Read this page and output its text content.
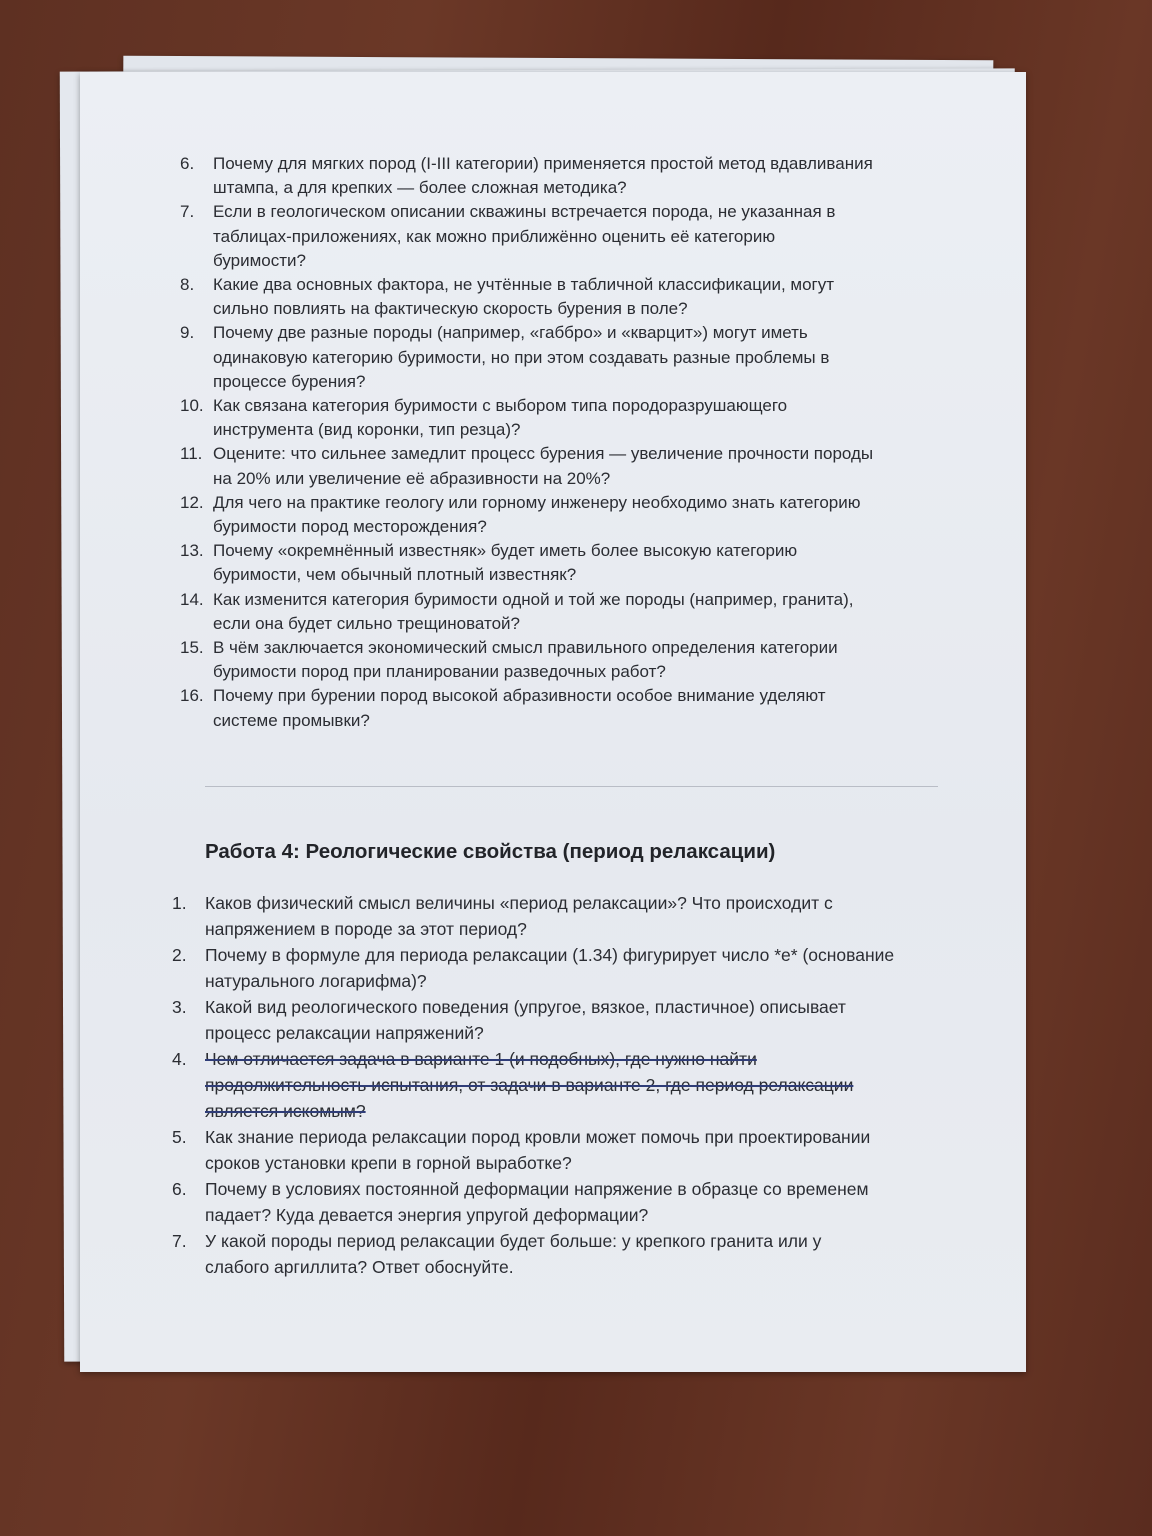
6.	Почему для мягких пород (I-III категории) применяется простой метод вдавливания
штампа, а для крепких — более сложная методика?
7.	Если в геологическом описании скважины встречается порода, не указанная в
таблицах-приложениях, как можно приближённо оценить её категорию
буримости?
8.	Какие два основных фактора, не учтённые в табличной классификации, могут
сильно повлиять на фактическую скорость бурения в поле?
9.	Почему две разные породы (например, «габбро» и «кварцит») могут иметь
одинаковую категорию буримости, но при этом создавать разные проблемы в
процессе бурения?
10. Как связана категория буримости с выбором типа породоразрушающего
инструмента (вид коронки, тип резца)?
11. Оцените: что сильнее замедлит процесс бурения — увеличение прочности породы
на 20% или увеличение её абразивности на 20%?
12. Для чего на практике геологу или горному инженеру необходимо знать категорию
буримости пород месторождения?
13. Почему «окремнённый известняк» будет иметь более высокую категорию
буримости, чем обычный плотный известняк?
14. Как изменится категория буримости одной и той же породы (например, гранита),
если она будет сильно трещиноватой?
15. В чём заключается экономический смысл правильного определения категории
буримости пород при планировании разведочных работ?
16. Почему при бурении пород высокой абразивности особое внимание уделяют
системе промывки?
Работа 4: Реологические свойства (период релаксации)
1.	Каков физический смысл величины «период релаксации»? Что происходит с
напряжением в породе за этот период?
2.	Почему в формуле для периода релаксации (1.34) фигурирует число *e* (основание
натурального логарифма)?
3.	Какой вид реологического поведения (упругое, вязкое, пластичное) описывает
процесс релаксации напряжений?
4.	Чем отличается задача в варианте 1 (и подобных), где нужно найти
продолжительность испытания, от задачи в варианте 2, где период релаксации
является искомым?
5.	Как знание периода релаксации пород кровли может помочь при проектировании
сроков установки крепи в горной выработке?
6.	Почему в условиях постоянной деформации напряжение в образце со временем
падает? Куда девается энергия упругой деформации?
7.	У какой породы период релаксации будет больше: у крепкого гранита или у
слабого аргиллита? Ответ обоснуйте.
